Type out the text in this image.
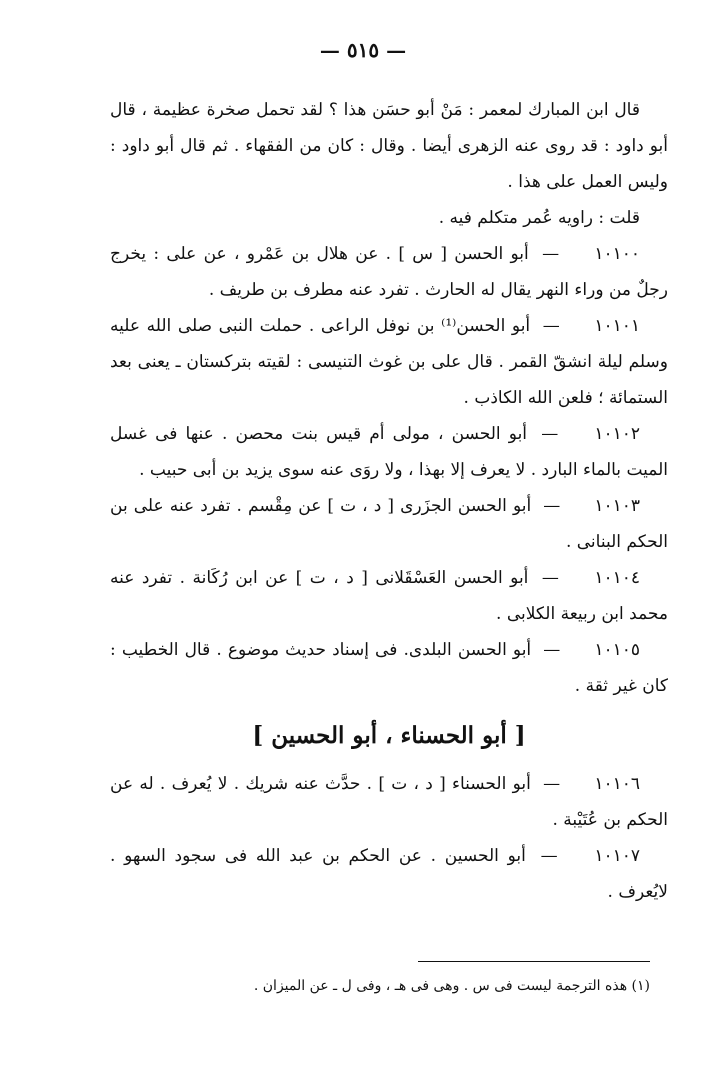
— ٥١٥ —

قال ابن المبارك لمعمر : مَنْ أبو حسَن هذا ؟ لقد تحمل صخرة عظيمة ، قال أبو داود : قد روى عنه الزهرى أيضا . وقال : كان من الفقهاء . ثم قال أبو داود : وليس العمل على هذا .

قلت : راويه عُمر متكلم فيه .

١٠١٠٠ — أبو الحسن [ س ] . عن هلال بن عَمْرو ، عن على : يخرج رجلٌ من وراء النهر يقال له الحارث . تفرد عنه مطرف بن طريف .

١٠١٠١ — أبو الحسن⁽¹⁾ بن نوفل الراعى . حملت النبى صلى الله عليه وسلم ليلة انشقّ القمر . قال على بن غوث التنيسى : لقيته بتركستان ـ يعنى بعد الستمائة ؛ فلعن الله الكاذب .

١٠١٠٢ — أبو الحسن ، مولى أم قيس بنت محصن . عنها فى غسل الميت بالماء البارد . لا يعرف إلا بهذا ، ولا روَى عنه سوى يزيد بن أبى حبيب .

١٠١٠٣ — أبو الحسن الجزَرى [ د ، ت ] عن مِقْسم . تفرد عنه على بن الحكم البنانى .

١٠١٠٤ — أبو الحسن العَسْقَلانى [ د ، ت ] عن ابن رُكَانة . تفرد عنه محمد ابن ربيعة الكلابى .

١٠١٠٥ — أبو الحسن البلدى. فى إسناد حديث موضوع . قال الخطيب : كان غير ثقة .

[ أبو الحسناء ، أبو الحسين ]

١٠١٠٦ — أبو الحسناء [ د ، ت ] . حدَّث عنه شريك . لا يُعرف . له عن الحكم بن عُتَيْبة .

١٠١٠٧ — أبو الحسين . عن الحكم بن عبد الله فى سجود السهو . لايُعرف .

(١) هذه الترجمة ليست فى س . وهى فى هـ ، وفى ل ـ عن الميزان .
